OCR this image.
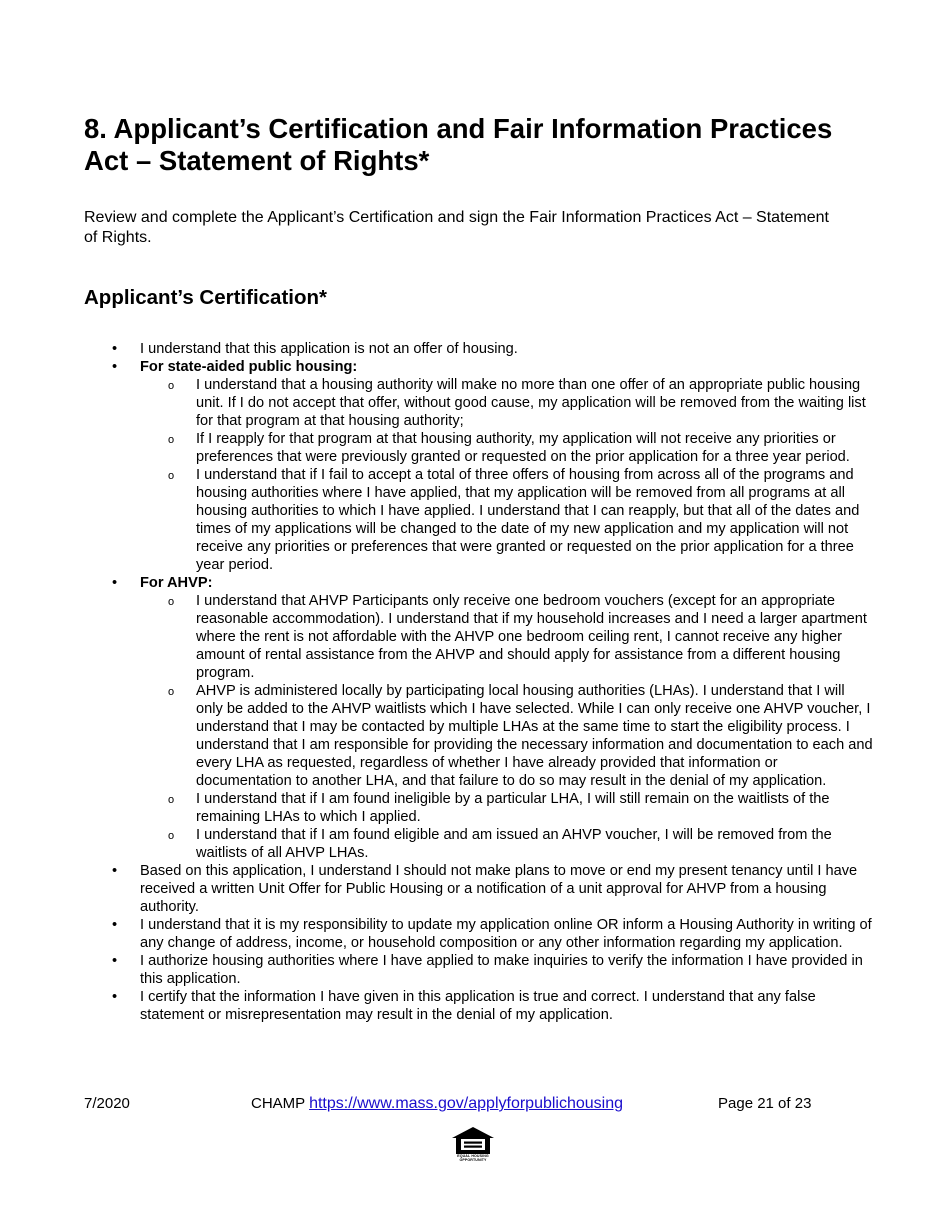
8. Applicant’s Certification and Fair Information Practices Act – Statement of Rights*

Review and complete the Applicant’s Certification and sign the Fair Information Practices Act – Statement of Rights.

Applicant’s Certification*
• I understand that this application is not an offer of housing.
• For state-aided public housing:
o I understand that a housing authority will make no more than one offer of an appropriate public housing unit. If I do not accept that offer, without good cause, my application will be removed from the waiting list for that program at that housing authority;
o If I reapply for that program at that housing authority, my application will not receive any priorities or preferences that were previously granted or requested on the prior application for a three year period.
o I understand that if I fail to accept a total of three offers of housing from across all of the programs and housing authorities where I have applied, that my application will be removed from all programs at all housing authorities to which I have applied. I understand that I can reapply, but that all of the dates and times of my applications will be changed to the date of my new application and my application will not receive any priorities or preferences that were granted or requested on the prior application for a three year period.
• For AHVP:
o I understand that AHVP Participants only receive one bedroom vouchers (except for an appropriate reasonable accommodation). I understand that if my household increases and I need a larger apartment where the rent is not affordable with the AHVP one bedroom ceiling rent, I cannot receive any higher amount of rental assistance from the AHVP and should apply for assistance from a different housing program.
o AHVP is administered locally by participating local housing authorities (LHAs). I understand that I will only be added to the AHVP waitlists which I have selected. While I can only receive one AHVP voucher, I understand that I may be contacted by multiple LHAs at the same time to start the eligibility process. I understand that I am responsible for providing the necessary information and documentation to each and every LHA as requested, regardless of whether I have already provided that information or documentation to another LHA, and that failure to do so may result in the denial of my application.
o I understand that if I am found ineligible by a particular LHA, I will still remain on the waitlists of the remaining LHAs to which I applied.
o I understand that if I am found eligible and am issued an AHVP voucher, I will be removed from the waitlists of all AHVP LHAs.
• Based on this application, I understand I should not make plans to move or end my present tenancy until I have received a written Unit Offer for Public Housing or a notification of a unit approval for AHVP from a housing authority.
• I understand that it is my responsibility to update my application online OR inform a Housing Authority in writing of any change of address, income, or household composition or any other information regarding my application.
• I authorize housing authorities where I have applied to make inquiries to verify the information I have provided in this application.
• I certify that the information I have given in this application is true and correct. I understand that any false statement or misrepresentation may result in the denial of my application.
7/2020	CHAMP https://www.mass.gov/applyforpublichousing	Page 21 of 23
EQUAL HOUSING OPPORTUNITY
